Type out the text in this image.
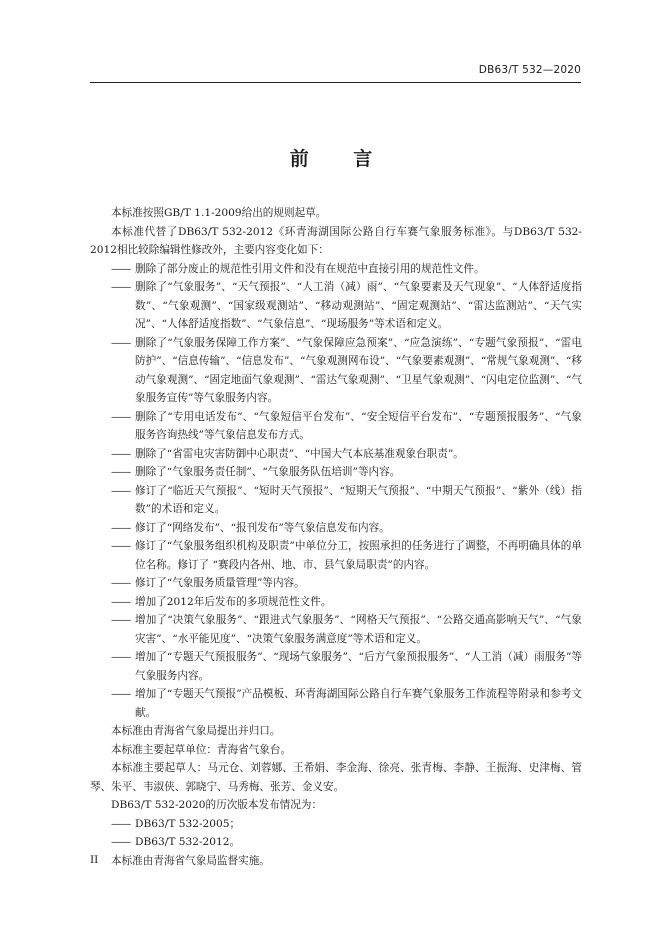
DB63/T 532—2020
前 言
本标准按照GB/T 1.1-2009给出的规则起草。
本标准代替了DB63/T 532-2012《环青海湖国际公路自行车赛气象服务标准》。与DB63/T 532-2012相比较除编辑性修改外，主要内容变化如下：
—— 删除了部分废止的规范性引用文件和没有在规范中直接引用的规范性文件。
—— 删除了“气象服务”、“天气预报”、“人工消（减）雨”、“气象要素及天气现象”、“人体舒适度指数”、“气象观测”、“国家级观测站”、“移动观测站”、“固定观测站”、“雷达监测站”、“天气实况”、“人体舒适度指数”、“气象信息”、“现场服务”等术语和定义。
—— 删除了“气象服务保障工作方案”、“气象保障应急预案”、“应急演练”、“专题气象预报”、“雷电防护”、“信息传输”、“信息发布”、“气象观测网布设”、“气象要素观测”、“常规气象观测”、“移动气象观测”、“固定地面气象观测”、“雷达气象观测”、“卫星气象观测”、“闪电定位监测”、“气象服务宣传”等气象服务内容。
—— 删除了“专用电话发布”、“气象短信平台发布”、“安全短信平台发布”、“专题预报服务”、“气象服务咨询热线”等气象信息发布方式。
—— 删除了“省雷电灾害防御中心职责”、“中国大气本底基准观象台职责”。
—— 删除了“气象服务责任制”、“气象服务队伍培训”等内容。
—— 修订了“临近天气预报”、“短时天气预报”、“短期天气预报”、“中期天气预报”、“紫外（线）指数”的术语和定义。
—— 修订了“网络发布”、“报刊发布”等气象信息发布内容。
—— 修订了“气象服务组织机构及职责”中单位分工，按照承担的任务进行了调整，不再明确具体的单位名称。修订了 “赛段内各州、地、市、县气象局职责”的内容。
—— 修订了“气象服务质量管理”等内容。
—— 增加了2012年后发布的多项规范性文件。
—— 增加了“决策气象服务”、“跟进式气象服务”、“网格天气预报”、“公路交通高影响天气”、“气象灾害”、“水平能见度”、“决策气象服务满意度”等术语和定义。
—— 增加了“专题天气预报服务”、“现场气象服务”、“后方气象预报服务”、“人工消（减）雨服务”等气象服务内容。
—— 增加了“专题天气预报”产品模板、环青海湖国际公路自行车赛气象服务工作流程等附录和参考文献。
本标准由青海省气象局提出并归口。
本标准主要起草单位：青海省气象台。
本标准主要起草人：马元仓、刘蓉娜、王希娟、李金海、徐亮、张青梅、李静、王振海、史津梅、管琴、朱平、韦淑侠、郭晓宁、马秀梅、张芳、金义安。
DB63/T 532-2020的历次版本发布情况为：
—— DB63/T 532-2005；
—— DB63/T 532-2012。
本标准由青海省气象局监督实施。
II
